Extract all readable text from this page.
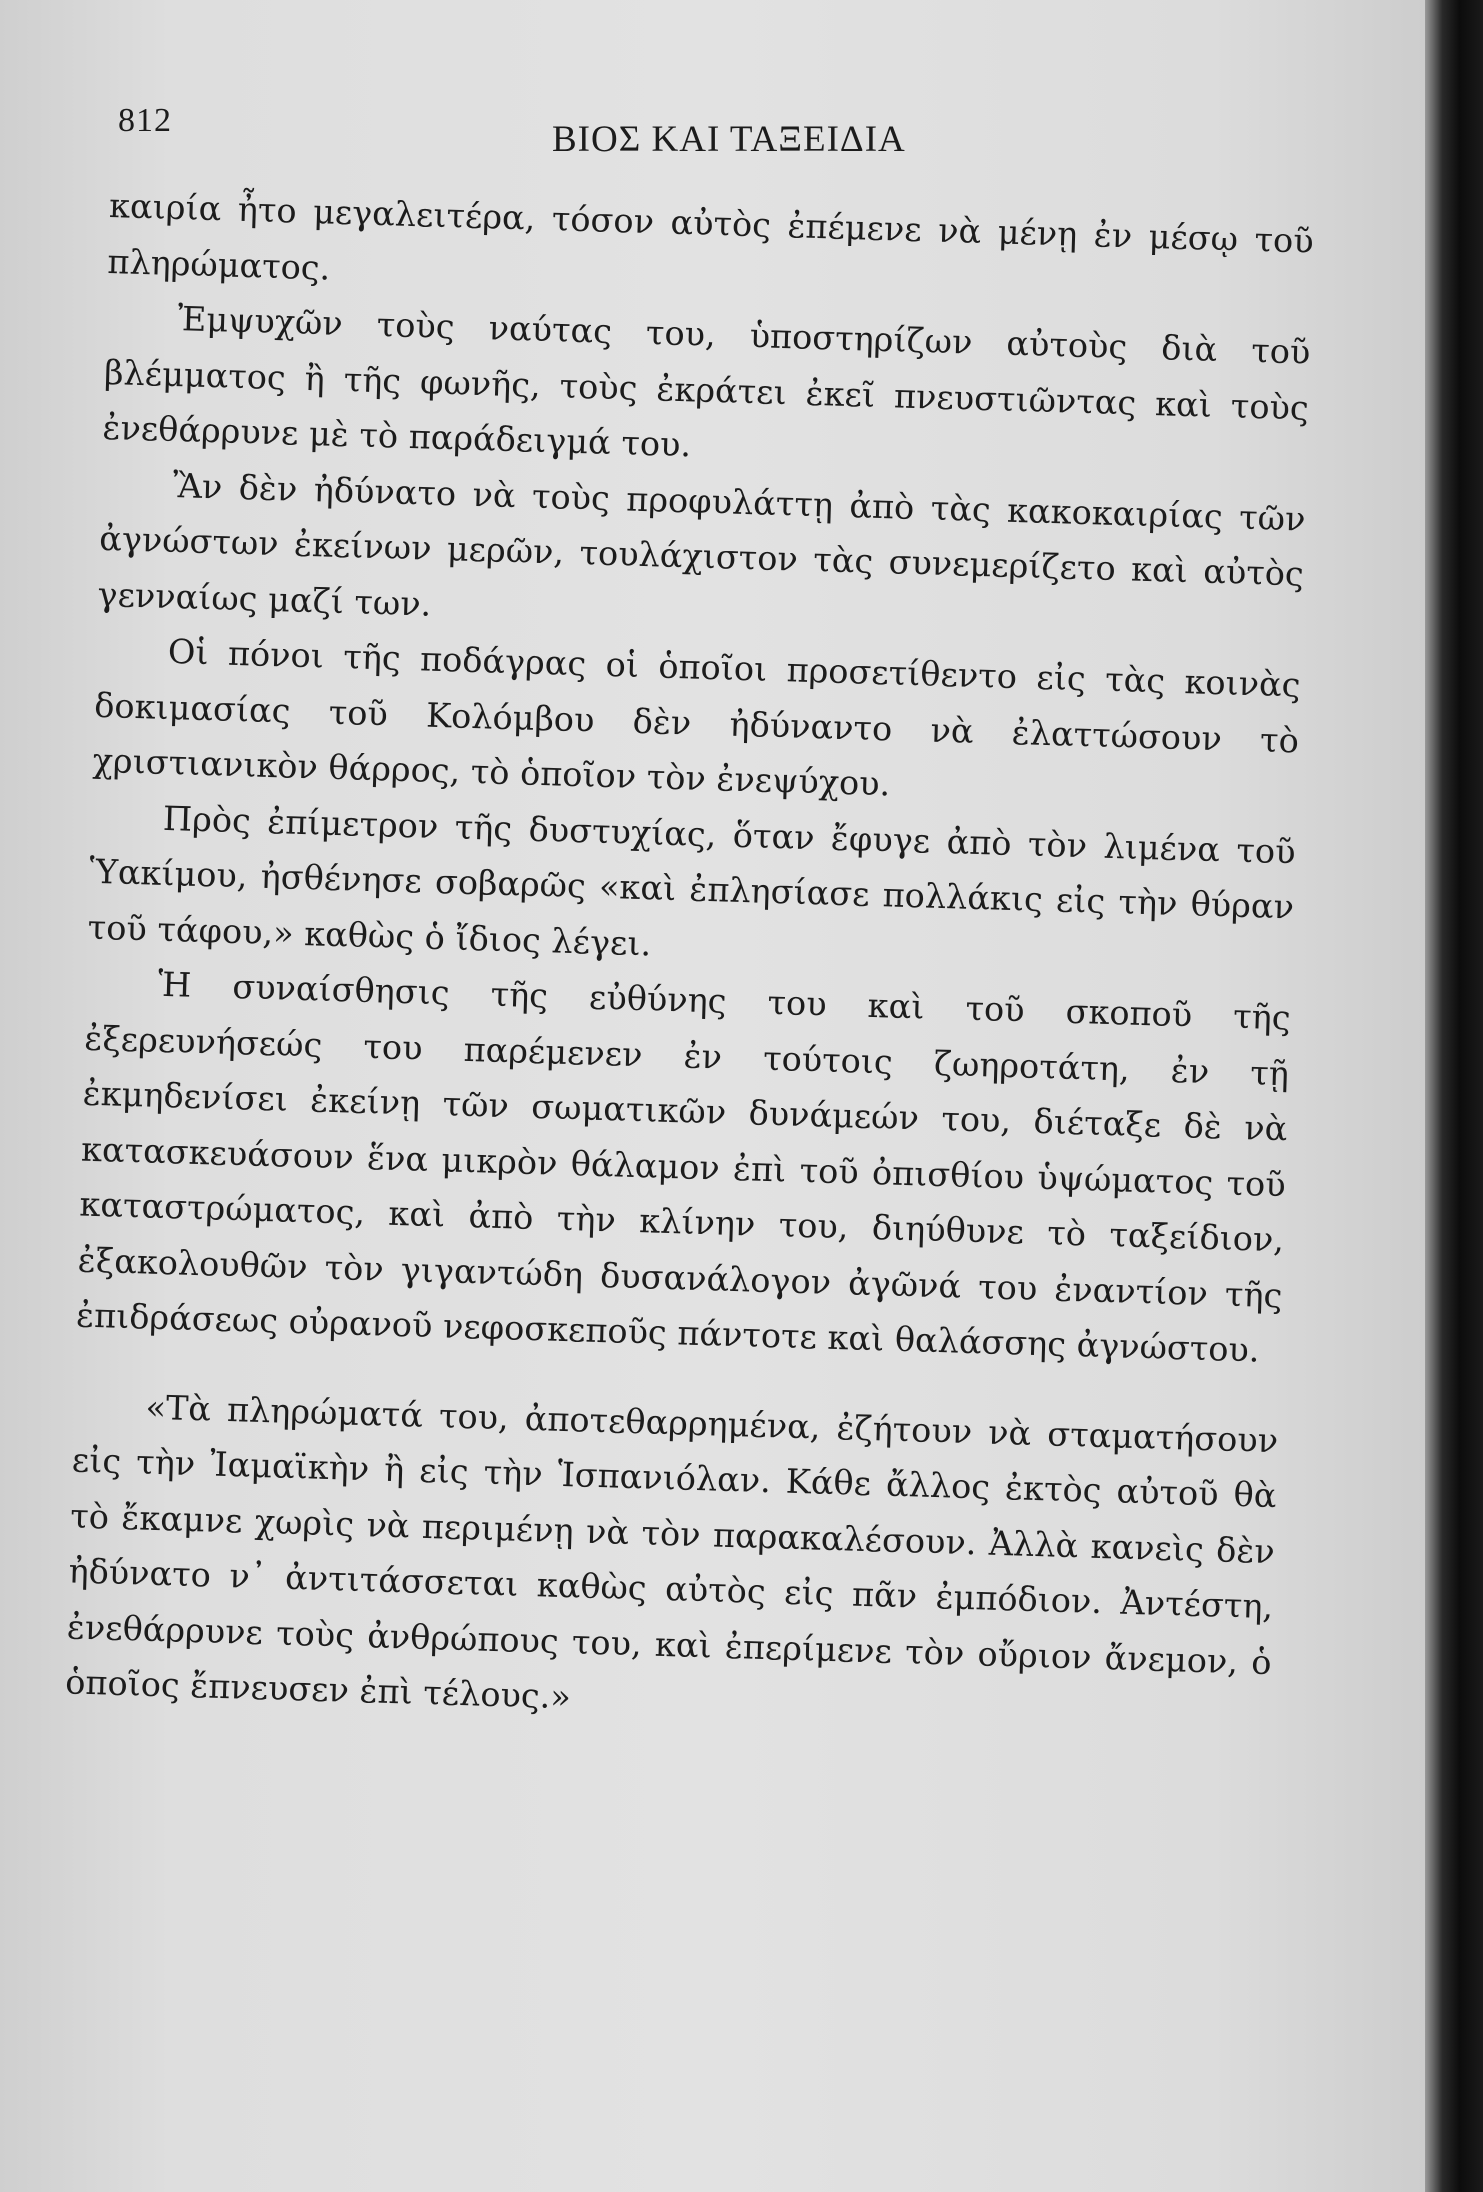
812	ΒΙΟΣ ΚΑΙ ΤΑΞΕΙΔΙΑ

καιρία ἦτο μεγαλειτέρα, τόσον αὐτὸς ἐπέμενε νὰ μένῃ ἐν μέσῳ τοῦ πληρώματος.

Ἐμψυχῶν τοὺς ναύτας του, ὑποστηρίζων αὐτοὺς διὰ τοῦ βλέμματος ἢ τῆς φωνῆς, τοὺς ἐκράτει ἐκεῖ πνευστιῶντας καὶ τοὺς ἐνεθάρρυνε μὲ τὸ παράδειγμά του.

Ἂν δὲν ἠδύνατο νὰ τοὺς προφυλάττῃ ἀπὸ τὰς κακοκαιρίας τῶν ἀγνώστων ἐκείνων μερῶν, τουλάχιστον τὰς συνεμερίζετο καὶ αὐτὸς γενναίως μαζί των.

Οἱ πόνοι τῆς ποδάγρας οἱ ὁποῖοι προσετίθεντο εἰς τὰς κοινὰς δοκιμασίας τοῦ Κολόμβου δὲν ἠδύναντο νὰ ἐλαττώσουν τὸ χριστιανικὸν θάρρος, τὸ ὁποῖον τὸν ἐνεψύχου.

Πρὸς ἐπίμετρον τῆς δυστυχίας, ὅταν ἔφυγε ἀπὸ τὸν λιμένα τοῦ Ὑακίμου, ἠσθένησε σοβαρῶς «καὶ ἐπλησίασε πολλάκις εἰς τὴν θύραν τοῦ τάφου,» καθὼς ὁ ἴδιος λέγει.

Ἡ συναίσθησις τῆς εὐθύνης του καὶ τοῦ σκοποῦ τῆς ἐξερευνήσεώς του παρέμενεν ἐν τούτοις ζωηροτάτη, ἐν τῇ ἐκμηδενίσει ἐκείνῃ τῶν σωματικῶν δυνάμεών του, διέταξε δὲ νὰ κατασκευάσουν ἕνα μικρὸν θάλαμον ἐπὶ τοῦ ὀπισθίου ὑψώματος τοῦ καταστρώματος, καὶ ἀπὸ τὴν κλίνην του, διηύθυνε τὸ ταξείδιον, ἐξακολουθῶν τὸν γιγαντώδη δυσανάλογον ἀγῶνά του ἐναντίον τῆς ἐπιδράσεως οὐρανοῦ νεφοσκεποῦς πάντοτε καὶ θαλάσσης ἀγνώστου.

«Τὰ πληρώματά του, ἀποτεθαρρημένα, ἐζήτουν νὰ σταματήσουν εἰς τὴν Ἰαμαϊκὴν ἢ εἰς τὴν Ἱσπανιόλαν. Κάθε ἄλλος ἐκτὸς αὐτοῦ θὰ τὸ ἔκαμνε χωρὶς νὰ περιμένῃ νὰ τὸν παρακαλέσουν. Ἀλλὰ κανεὶς δὲν ἠδύνατο ν᾽ ἀντιτάσσεται καθὼς αὐτὸς εἰς πᾶν ἐμπόδιον. Ἀντέστη, ἐνεθάρρυνε τοὺς ἀνθρώπους του, καὶ ἐπερίμενε τὸν οὔριον ἄνεμον, ὁ ὁποῖος ἔπνευσεν ἐπὶ τέλους.»
